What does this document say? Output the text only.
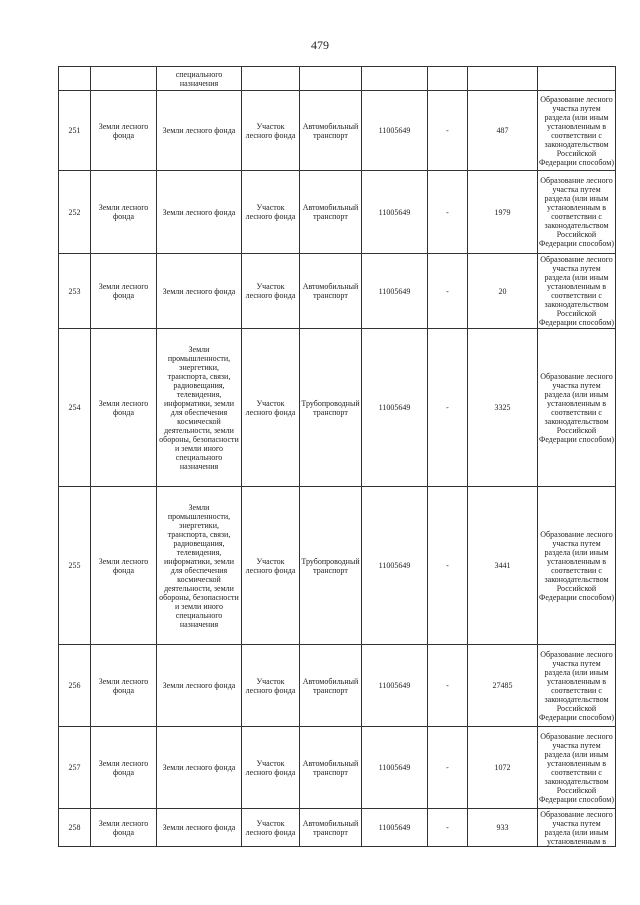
479
		специального назначения						
251	Земли лесного фонда	Земли лесного фонда	Участок лесного фонда	Автомобильный транспорт	11005649	-	487	Образование лесного участка путем раздела (или иным установленным в соответствии с законодательством Российской Федерации способом)
252	Земли лесного фонда	Земли лесного фонда	Участок лесного фонда	Автомобильный транспорт	11005649	-	1979	Образование лесного участка путем раздела (или иным установленным в соответствии с законодательством Российской Федерации способом)
253	Земли лесного фонда	Земли лесного фонда	Участок лесного фонда	Автомобильный транспорт	11005649	-	20	Образование лесного участка путем раздела (или иным установленным в соответствии с законодательством Российской Федерации способом)
254	Земли лесного фонда	Земли промышленности, энергетики, транспорта, связи, радиовещания, телевидения, информатики, земли для обеспечения космической деятельности, земли обороны, безопасности и земли иного специального назначения	Участок лесного фонда	Трубопроводный транспорт	11005649	-	3325	Образование лесного участка путем раздела (или иным установленным в соответствии с законодательством Российской Федерации способом)
255	Земли лесного фонда	Земли промышленности, энергетики, транспорта, связи, радиовещания, телевидения, информатики, земли для обеспечения космической деятельности, земли обороны, безопасности и земли иного специального назначения	Участок лесного фонда	Трубопроводный транспорт	11005649	-	3441	Образование лесного участка путем раздела (или иным установленным в соответствии с законодательством Российской Федерации способом)
256	Земли лесного фонда	Земли лесного фонда	Участок лесного фонда	Автомобильный транспорт	11005649	-	27485	Образование лесного участка путем раздела (или иным установленным в соответствии с законодательством Российской Федерации способом)
257	Земли лесного фонда	Земли лесного фонда	Участок лесного фонда	Автомобильный транспорт	11005649	-	1072	Образование лесного участка путем раздела (или иным установленным в соответствии с законодательством Российской Федерации способом)
258	Земли лесного фонда	Земли лесного фонда	Участок лесного фонда	Автомобильный транспорт	11005649	-	933	Образование лесного участка путем раздела (или иным установленным в
